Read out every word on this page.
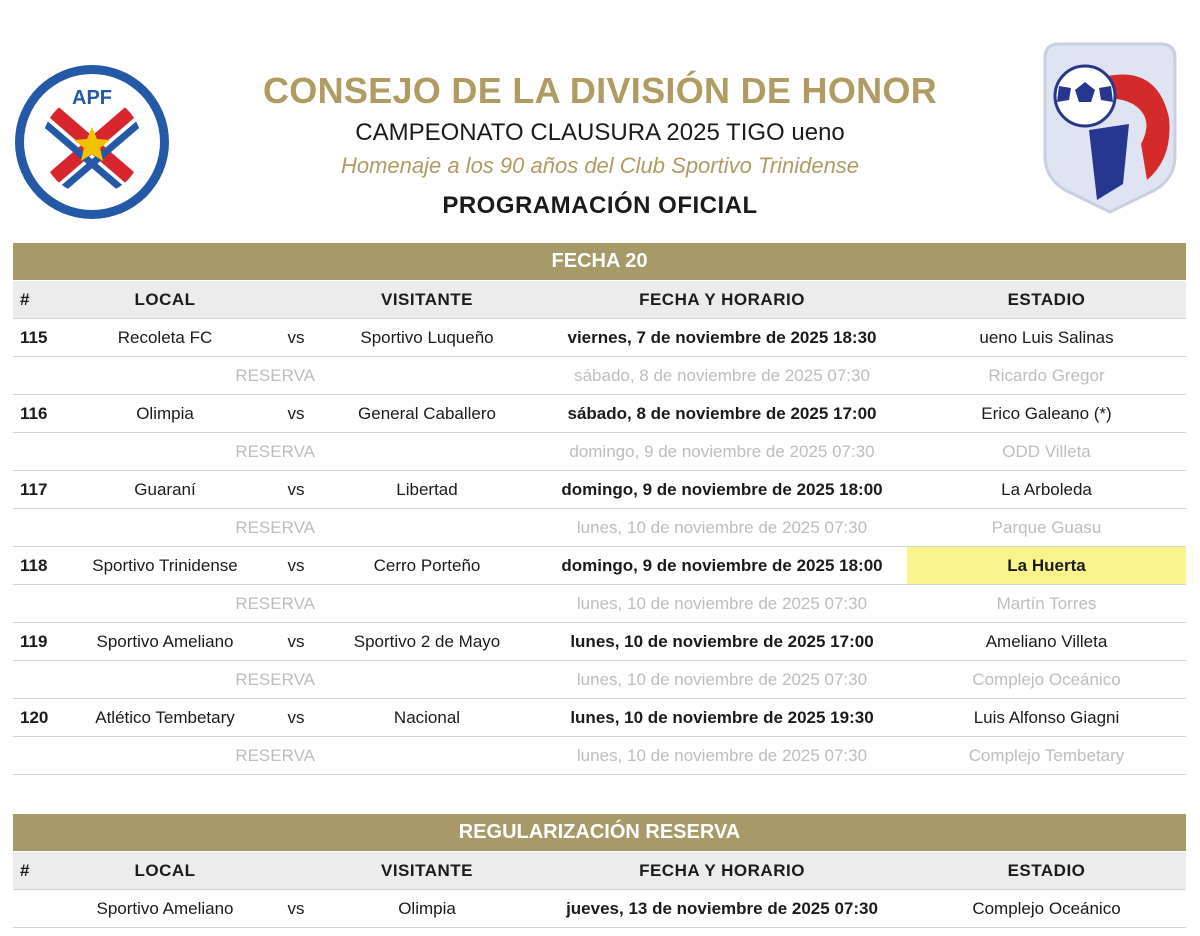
APF
PARAGUAY
CONSEJO DE LA DIVISIÓN DE HONOR
CAMPEONATO CLAUSURA 2025 TIGO ueno
Homenaje a los 90 años del Club Sportivo Trinidense
PROGRAMACIÓN OFICIAL
FECHA 20
#	LOCAL	VISITANTE	FECHA Y HORARIO	ESTADIO
115	Recoleta FC	vs	Sportivo Luqueño	viernes, 7 de noviembre de 2025 18:30	ueno Luis Salinas
RESERVA	sábado, 8 de noviembre de 2025 07:30	Ricardo Gregor
116	Olimpia	vs	General Caballero	sábado, 8 de noviembre de 2025 17:00	Erico Galeano (*)
RESERVA	domingo, 9 de noviembre de 2025 07:30	ODD Villeta
117	Guaraní	vs	Libertad	domingo, 9 de noviembre de 2025 18:00	La Arboleda
RESERVA	lunes, 10 de noviembre de 2025 07:30	Parque Guasu
118	Sportivo Trinidense	vs	Cerro Porteño	domingo, 9 de noviembre de 2025 18:00	La Huerta
RESERVA	lunes, 10 de noviembre de 2025 07:30	Martín Torres
119	Sportivo Ameliano	vs	Sportivo 2 de Mayo	lunes, 10 de noviembre de 2025 17:00	Ameliano Villeta
RESERVA	lunes, 10 de noviembre de 2025 07:30	Complejo Oceánico
120	Atlético Tembetary	vs	Nacional	lunes, 10 de noviembre de 2025 19:30	Luis Alfonso Giagni
RESERVA	lunes, 10 de noviembre de 2025 07:30	Complejo Tembetary
REGULARIZACIÓN RESERVA
#	LOCAL	VISITANTE	FECHA Y HORARIO	ESTADIO
Sportivo Ameliano	vs	Olimpia	jueves, 13 de noviembre de 2025 07:30	Complejo Oceánico
